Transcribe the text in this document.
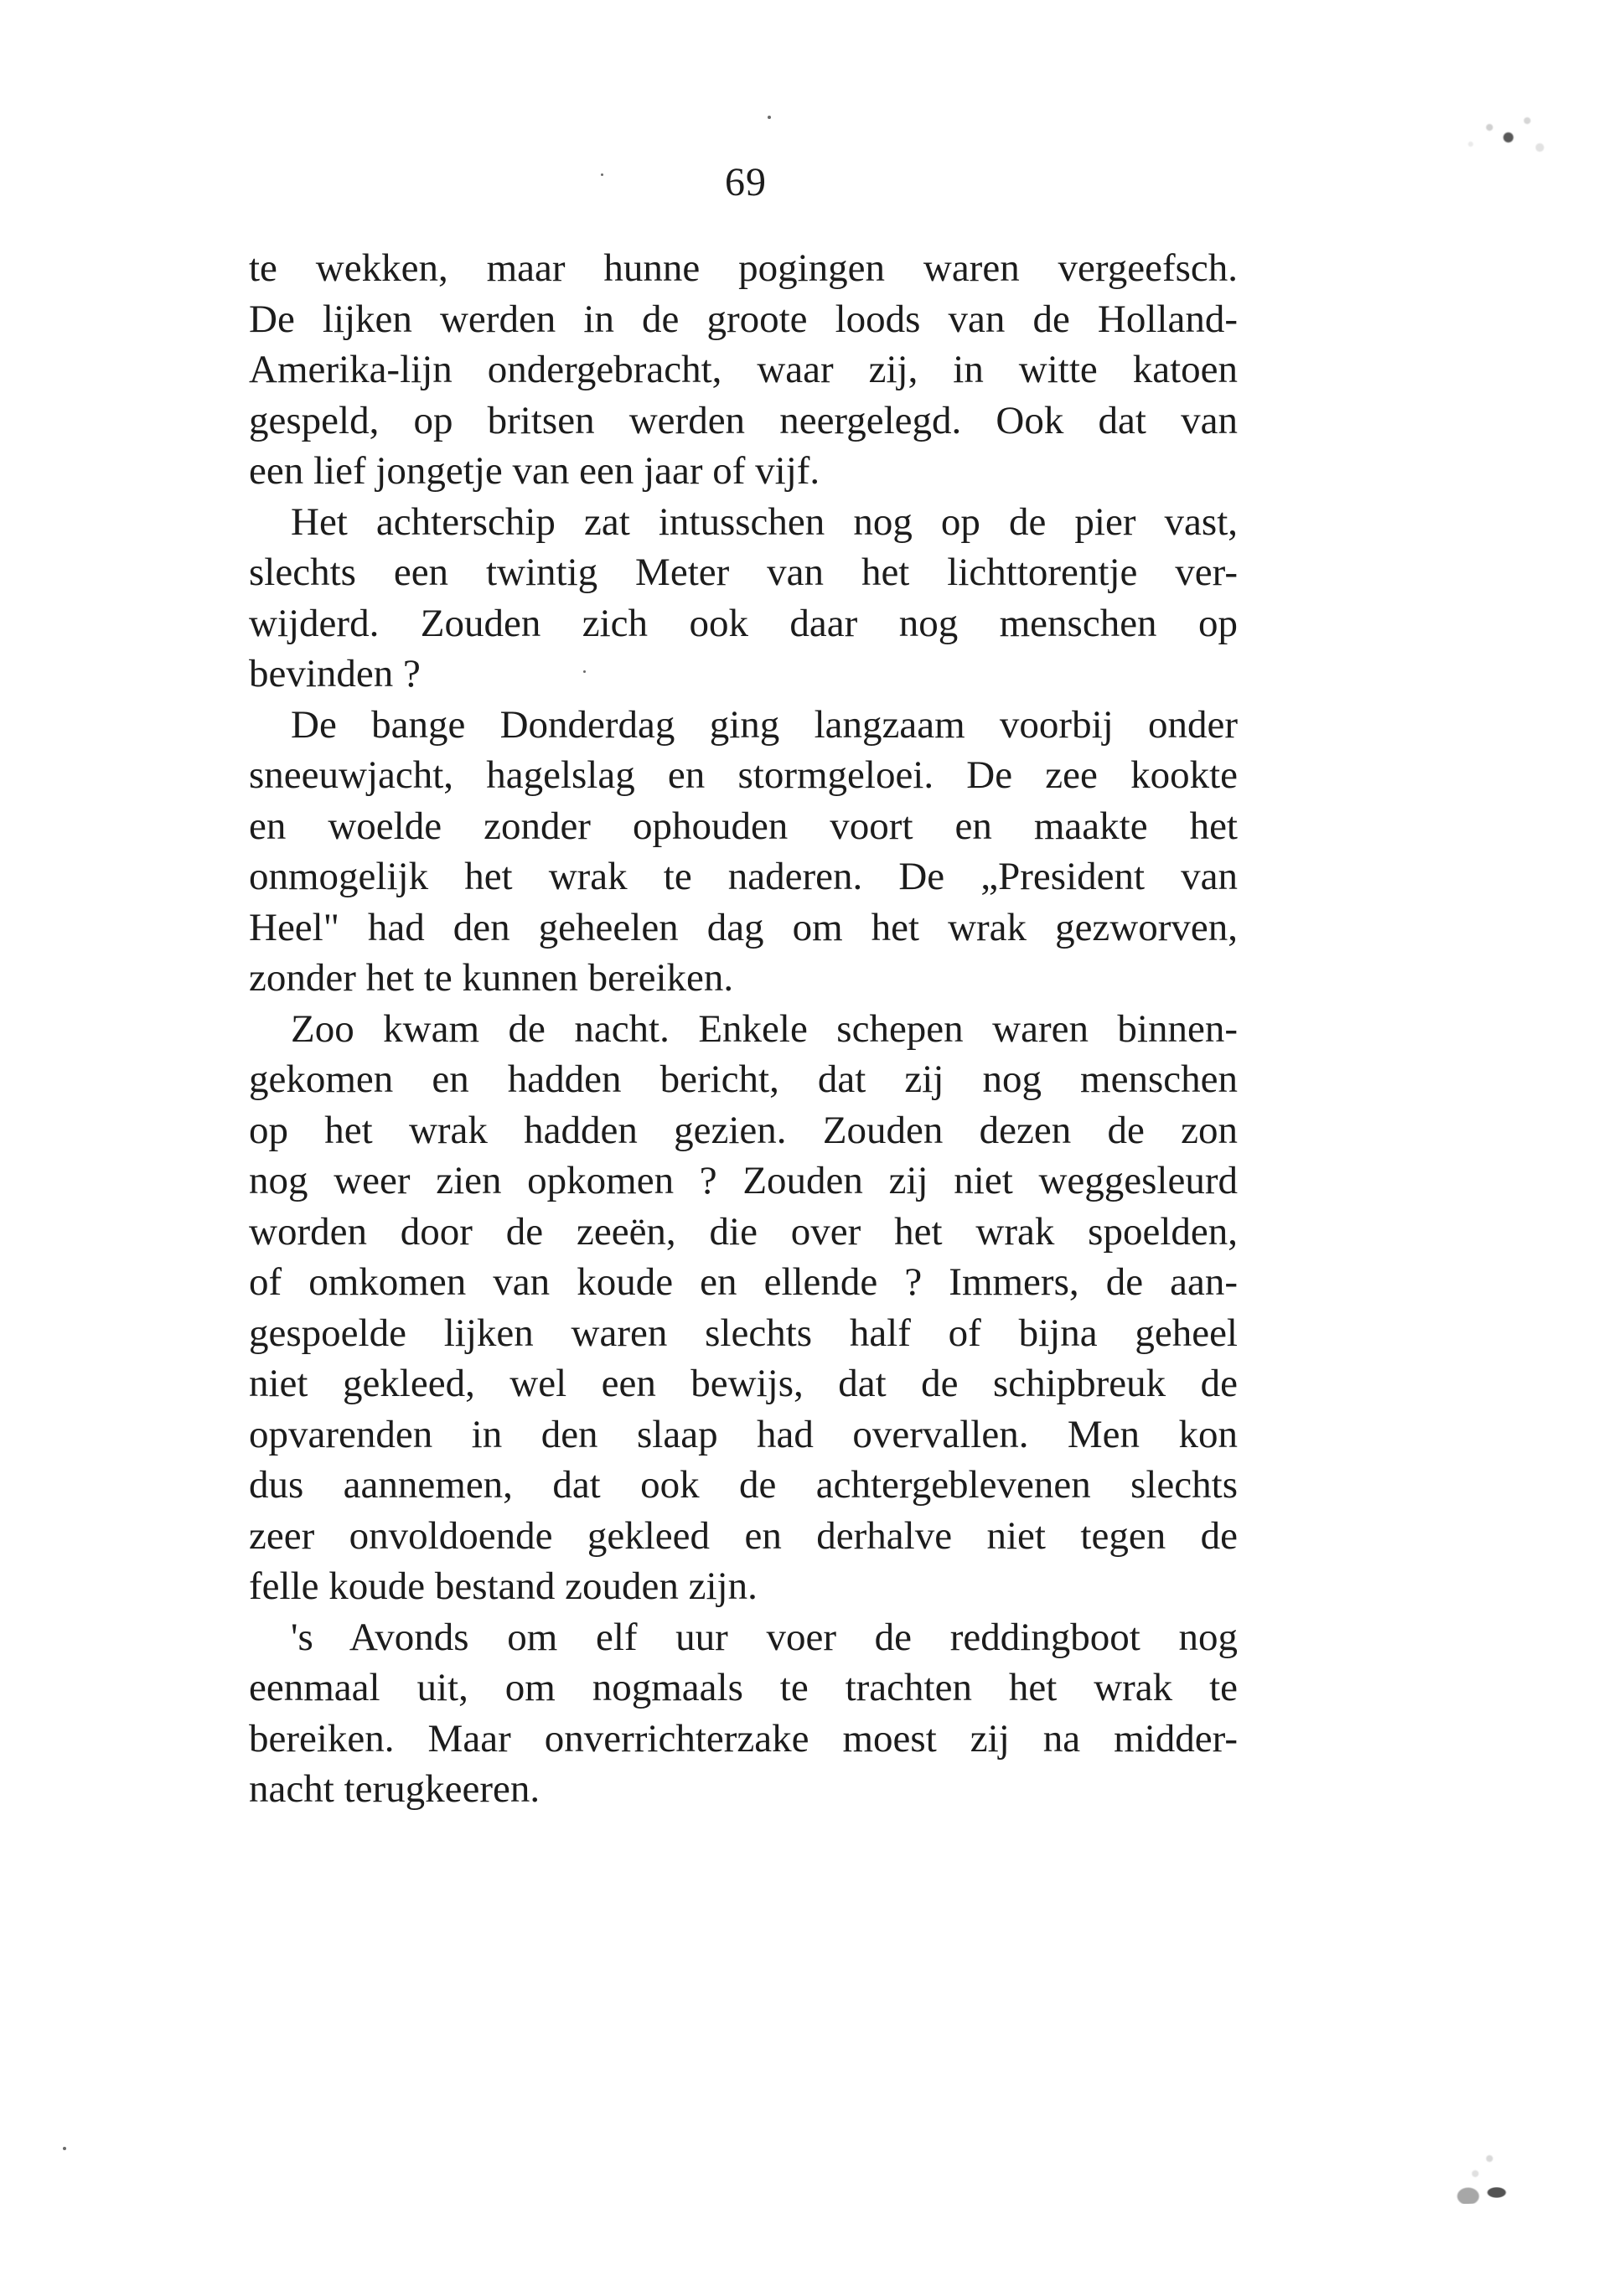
69
te wekken, maar hunne pogingen waren vergeefsch.
De lijken werden in de groote loods van de Holland-
Amerika-lijn ondergebracht, waar zij, in witte katoen
gespeld, op britsen werden neergelegd. Ook dat van
een lief jongetje van een jaar of vijf.
Het achterschip zat intusschen nog op de pier vast,
slechts een twintig Meter van het lichttorentje ver-
wijderd. Zouden zich ook daar nog menschen op
bevinden ?
De bange Donderdag ging langzaam voorbij onder
sneeuwjacht, hagelslag en stormgeloei. De zee kookte
en woelde zonder ophouden voort en maakte het
onmogelijk het wrak te naderen. De „President van
Heel" had den geheelen dag om het wrak gezworven,
zonder het te kunnen bereiken.
Zoo kwam de nacht. Enkele schepen waren binnen-
gekomen en hadden bericht, dat zij nog menschen
op het wrak hadden gezien. Zouden dezen de zon
nog weer zien opkomen ? Zouden zij niet weggesleurd
worden door de zeeën, die over het wrak spoelden,
of omkomen van koude en ellende ? Immers, de aan-
gespoelde lijken waren slechts half of bijna geheel
niet gekleed, wel een bewijs, dat de schipbreuk de
opvarenden in den slaap had overvallen. Men kon
dus aannemen, dat ook de achtergeblevenen slechts
zeer onvoldoende gekleed en derhalve niet tegen de
felle koude bestand zouden zijn.
's Avonds om elf uur voer de reddingboot nog
eenmaal uit, om nogmaals te trachten het wrak te
bereiken. Maar onverrichterzake moest zij na midder-
nacht terugkeeren.
